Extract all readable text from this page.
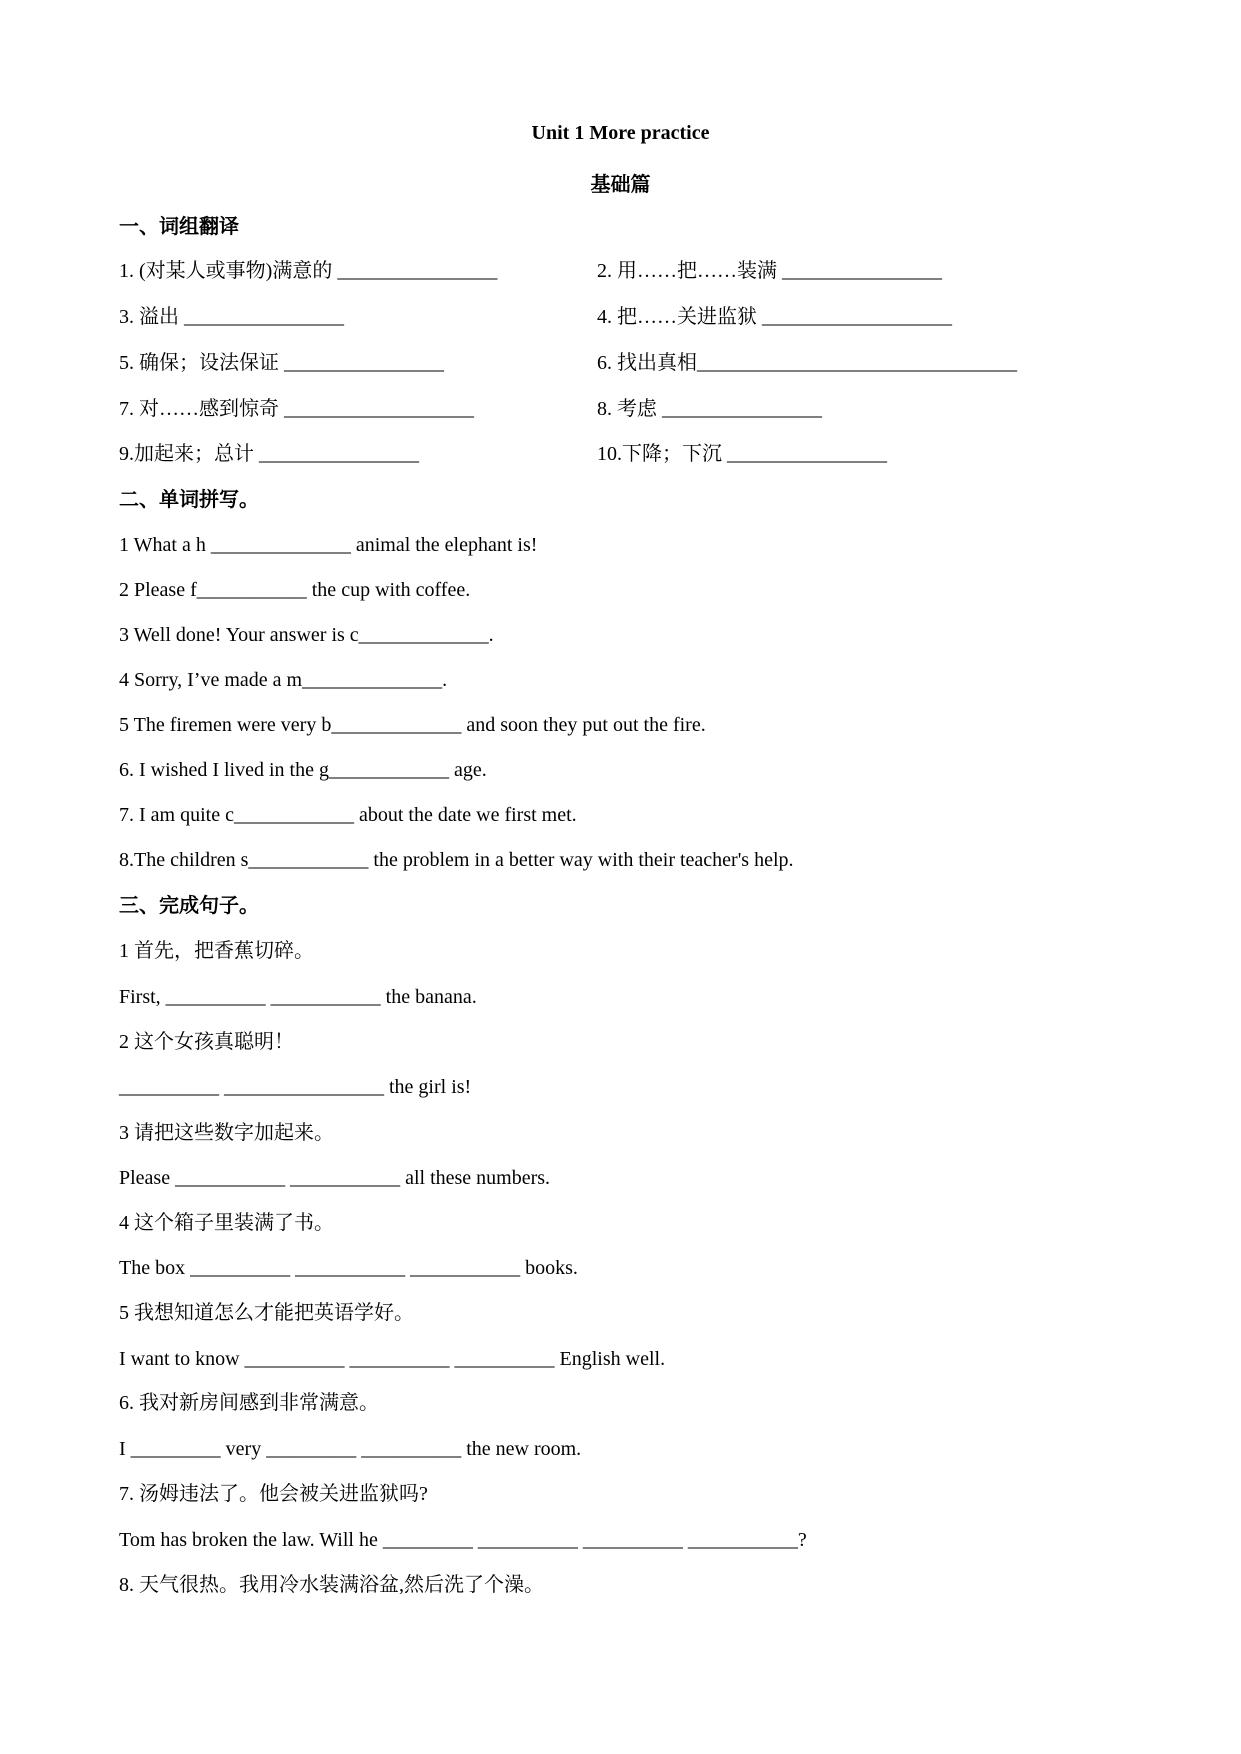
Unit 1 More practice
基础篇
一、词组翻译
1. (对某人或事物)满意的 ________________	2. 用……把……装满 ________________
3. 溢出 ________________	4. 把……关进监狱 ___________________
5. 确保；设法保证 ________________	6. 找出真相________________________________
7. 对……感到惊奇 ___________________	8. 考虑 ________________
9.加起来；总计 ________________	10.下降；下沉 ________________
二、单词拼写。
1 What a h ______________ animal the elephant is!
2 Please f___________ the cup with coffee.
3 Well done! Your answer is c_____________.
4 Sorry, I’ve made a m______________.
5 The firemen were very b_____________ and soon they put out the fire.
6. I wished I lived in the g____________ age.
7. I am quite c____________ about the date we first met.
8.The children s____________ the problem in a better way with their teacher's help.
三、完成句子。
1 首先，把香蕉切碎。
First, __________ ___________ the banana.
2 这个女孩真聪明！
__________ ________________ the girl is!
3 请把这些数字加起来。
Please ___________ ___________ all these numbers.
4 这个箱子里装满了书。
The box __________ ___________ ___________ books.
5 我想知道怎么才能把英语学好。
I want to know __________ __________ __________ English well.
6. 我对新房间感到非常满意。
I _________ very _________ __________ the new room.
7. 汤姆违法了。他会被关进监狱吗?
Tom has broken the law. Will he _________ __________ __________ ___________?
8. 天气很热。我用冷水装满浴盆,然后洗了个澡。
